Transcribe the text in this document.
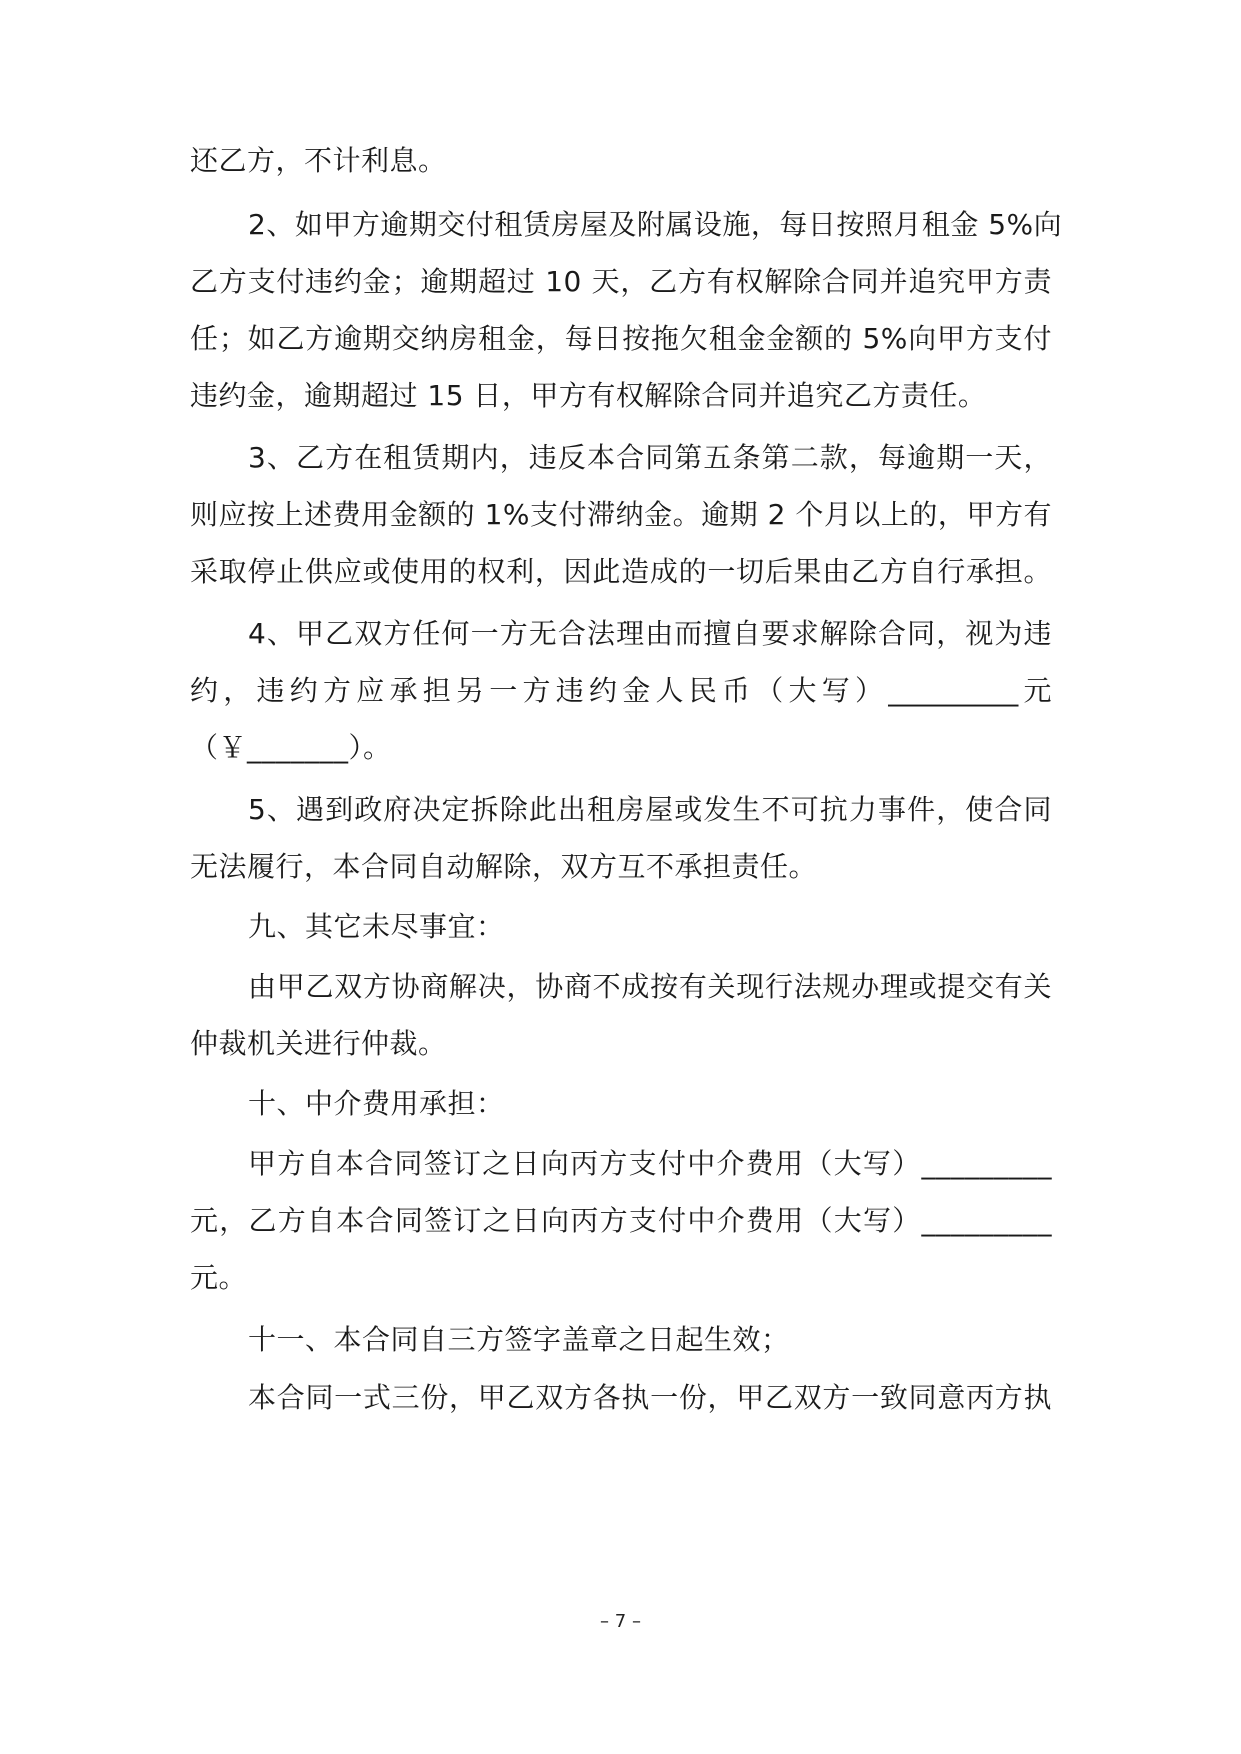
还乙方，不计利息。
2、如甲方逾期交付租赁房屋及附属设施，每日按照月租金 5%向
乙方支付违约金；逾期超过 10 天，乙方有权解除合同并追究甲方责
任；如乙方逾期交纳房租金，每日按拖欠租金金额的 5%向甲方支付
违约金，逾期超过 15 日，甲方有权解除合同并追究乙方责任。
3、乙方在租赁期内，违反本合同第五条第二款，每逾期一天，
则应按上述费用金额的 1%支付滞纳金。逾期 2 个月以上的，甲方有
采取停止供应或使用的权利，因此造成的一切后果由乙方自行承担。
4、甲乙双方任何一方无合法理由而擅自要求解除合同，视为违
约，违约方应承担另一方违约金人民币（大写）_________元
（￥_______）。
5、遇到政府决定拆除此出租房屋或发生不可抗力事件，使合同
无法履行，本合同自动解除，双方互不承担责任。
九、其它未尽事宜：
由甲乙双方协商解决，协商不成按有关现行法规办理或提交有关
仲裁机关进行仲裁。
十、中介费用承担：
甲方自本合同签订之日向丙方支付中介费用（大写）_________
元，乙方自本合同签订之日向丙方支付中介费用（大写）_________
元。
十一、本合同自三方签字盖章之日起生效；
本合同一式三份，甲乙双方各执一份，甲乙双方一致同意丙方执
– 7 –
